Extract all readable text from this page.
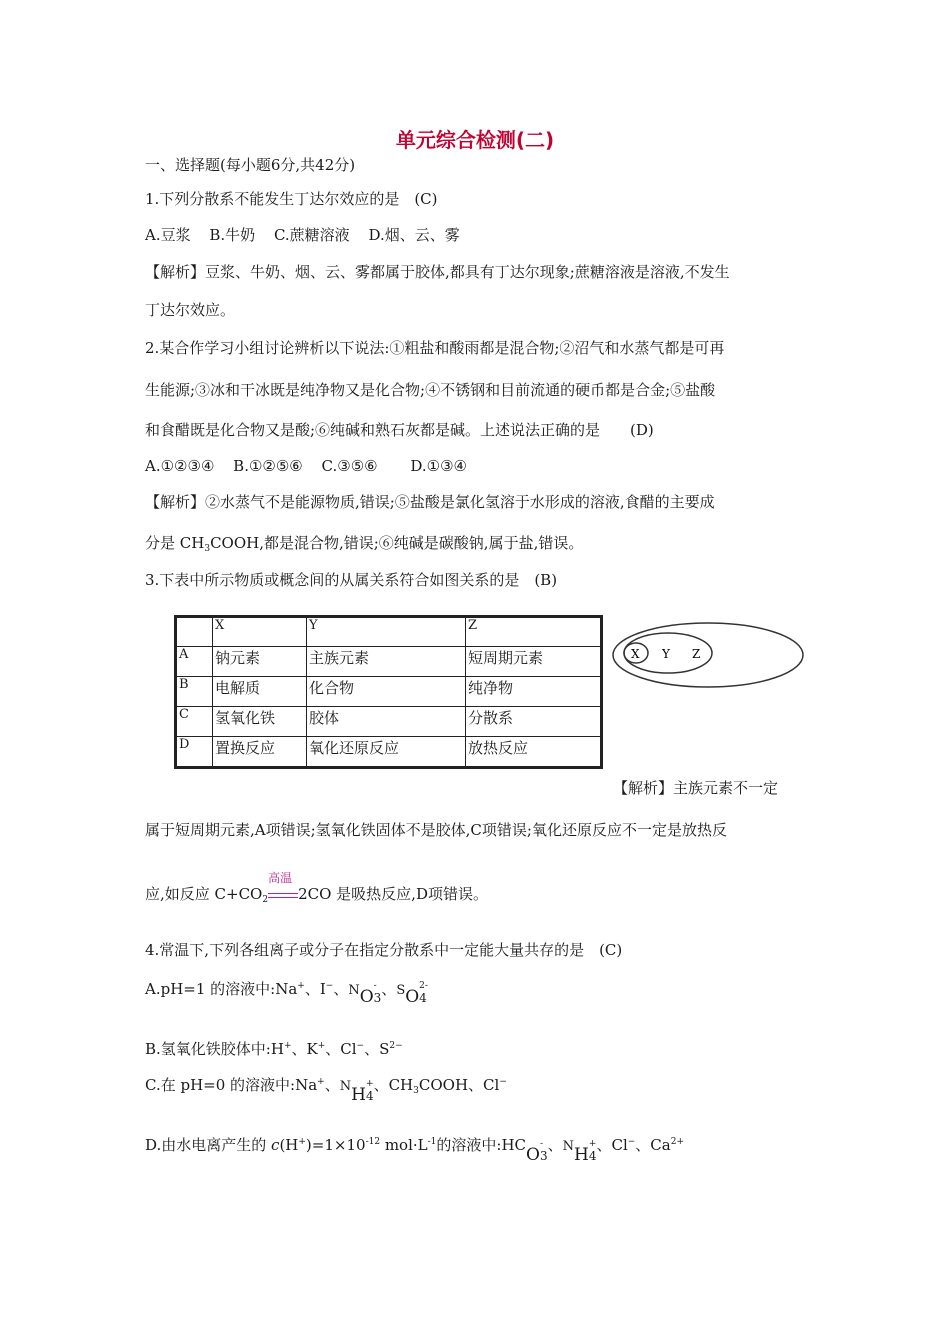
单元综合检测(二)
一、选择题(每小题6分,共42分)
1.下列分散系不能发生丁达尔效应的是　(C)
A.豆浆 B.牛奶 C.蔗糖溶液 D.烟、云、雾
【解析】豆浆、牛奶、烟、云、雾都属于胶体,都具有丁达尔现象;蔗糖溶液是溶液,不发生
丁达尔效应。
2.某合作学习小组讨论辨析以下说法:①粗盐和酸雨都是混合物;②沼气和水蒸气都是可再
生能源;③冰和干冰既是纯净物又是化合物;④不锈钢和目前流通的硬币都是合金;⑤盐酸
和食醋既是化合物又是酸;⑥纯碱和熟石灰都是碱。上述说法正确的是　　(D)
A.①②③④ B.①②⑤⑥ C.③⑤⑥ D.①③④
【解析】②水蒸气不是能源物质,错误;⑤盐酸是氯化氢溶于水形成的溶液,食醋的主要成
分是 $CH_3COOH$,都是混合物,错误;⑥纯碱是碳酸钠,属于盐,错误。
3.下表中所示物质或概念间的从属关系符合如图关系的是　(B)
	X	Y	Z
A	钠元素	主族元素	短周期元素
B	电解质	化合物	纯净物
C	氢氧化铁	胶体	分散系
D	置换反应	氧化还原反应	放热反应
X Y Z
【解析】主族元素不一定
属于短周期元素,A项错误;氢氧化铁固体不是胶体,C项错误;氧化还原反应不一定是放热反
应,如反应 $C+CO_2$
高温
2CO 是吸热反应,D项错误。
4.常温下,下列各组离子或分子在指定分散系中一定能大量共存的是　(C)
A.pH=1 的溶液中:Na+、I−、NO3
- 、SO4
2-
B.氢氧化铁胶体中:H+、K+、Cl−、$S^{2-}$
C.在 pH=0 的溶液中:Na+、NH4
+ 、$CH_3COOH$、Cl−
D.由水电离产生的 $c(H^+)=1\times 10^{-12}$ $mol\cdot L^{-1}$的溶液中:HCO3
- 、NH4
+ 、Cl−、$Ca^{2+}$
